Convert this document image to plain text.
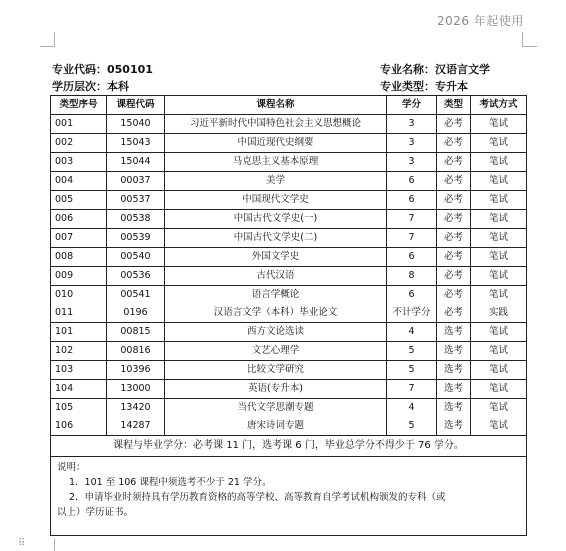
2026 年起使用
⠿
专业代码：050101
学历层次：本科
专业名称：汉语言文学
专业类型：专升本
类型序号	课程代码	课程名称	学分	类型	考试方式
001	15040	习近平新时代中国特色社会主义思想概论	3	必考	笔试
002	15043	中国近现代史纲要	3	必考	笔试
003	15044	马克思主义基本原理	3	必考	笔试
004	00037	美学	6	必考	笔试
005	00537	中国现代文学史	6	必考	笔试
006	00538	中国古代文学史(一)	7	必考	笔试
007	00539	中国古代文学史(二)	7	必考	笔试
008	00540	外国文学史	6	必考	笔试
009	00536	古代汉语	8	必考	笔试
010	00541	语言学概论	6	必考	笔试
011	0196	汉语言文学（本科）毕业论文	不计学分	必考	实践
101	00815	西方文论选读	4	选考	笔试
102	00816	文艺心理学	5	选考	笔试
103	10396	比较文学研究	5	选考	笔试
104	13000	英语(专升本)	7	选考	笔试
105	13420	当代文学思潮专题	4	选考	笔试
106	14287	唐宋诗词专题	5	选考	笔试
课程与毕业学分：必考课 11 门，选考课 6 门，毕业总学分不得少于 76 学分。					

说明：
1．101 至 106 课程中须选考不少于 21 学分。
2．申请毕业时须持具有学历教育资格的高等学校、高等教育自学考试机构颁发的专科（或
以上）学历证书。					
